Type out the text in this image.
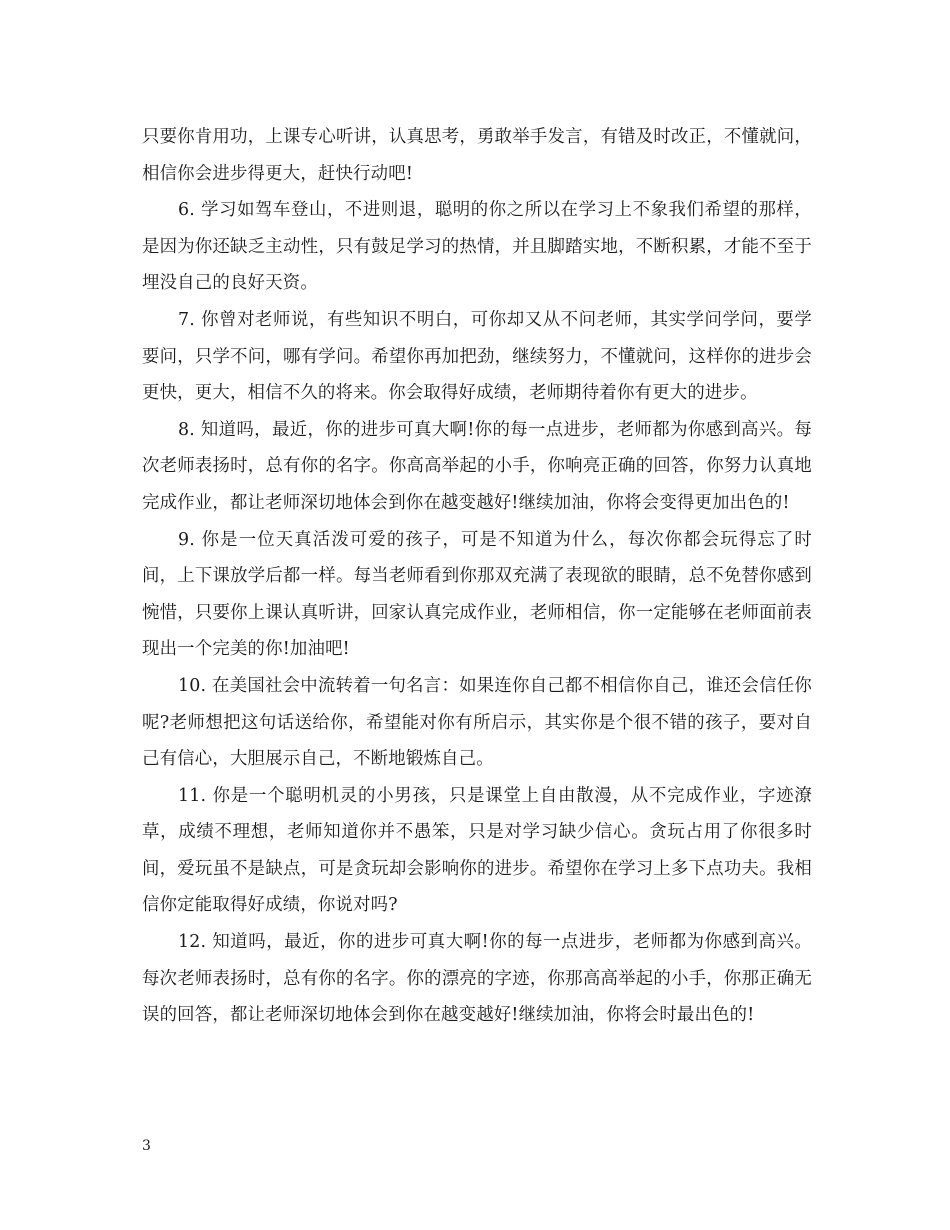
只要你肯用功，上课专心听讲，认真思考，勇敢举手发言，有错及时改正，不懂就问，相信你会进步得更大，赶快行动吧!

6. 学习如驾车登山，不进则退，聪明的你之所以在学习上不象我们希望的那样，是因为你还缺乏主动性，只有鼓足学习的热情，并且脚踏实地，不断积累，才能不至于埋没自己的良好天资。

7. 你曾对老师说，有些知识不明白，可你却又从不问老师，其实学问学问，要学要问，只学不问，哪有学问。希望你再加把劲，继续努力，不懂就问，这样你的进步会更快，更大，相信不久的将来。你会取得好成绩，老师期待着你有更大的进步。

8. 知道吗，最近，你的进步可真大啊!你的每一点进步，老师都为你感到高兴。每次老师表扬时，总有你的名字。你高高举起的小手，你响亮正确的回答，你努力认真地完成作业，都让老师深切地体会到你在越变越好!继续加油，你将会变得更加出色的!

9. 你是一位天真活泼可爱的孩子，可是不知道为什么，每次你都会玩得忘了时间，上下课放学后都一样。每当老师看到你那双充满了表现欲的眼睛，总不免替你感到惋惜，只要你上课认真听讲，回家认真完成作业，老师相信，你一定能够在老师面前表现出一个完美的你!加油吧!

10. 在美国社会中流转着一句名言：如果连你自己都不相信你自己，谁还会信任你呢?老师想把这句话送给你，希望能对你有所启示，其实你是个很不错的孩子，要对自己有信心，大胆展示自己，不断地锻炼自己。

11. 你是一个聪明机灵的小男孩，只是课堂上自由散漫，从不完成作业，字迹潦草，成绩不理想，老师知道你并不愚笨，只是对学习缺少信心。贪玩占用了你很多时间，爱玩虽不是缺点，可是贪玩却会影响你的进步。希望你在学习上多下点功夫。我相信你定能取得好成绩，你说对吗?

12. 知道吗，最近，你的进步可真大啊!你的每一点进步，老师都为你感到高兴。每次老师表扬时，总有你的名字。你的漂亮的字迹，你那高高举起的小手，你那正确无误的回答，都让老师深切地体会到你在越变越好!继续加油，你将会时最出色的!

3
